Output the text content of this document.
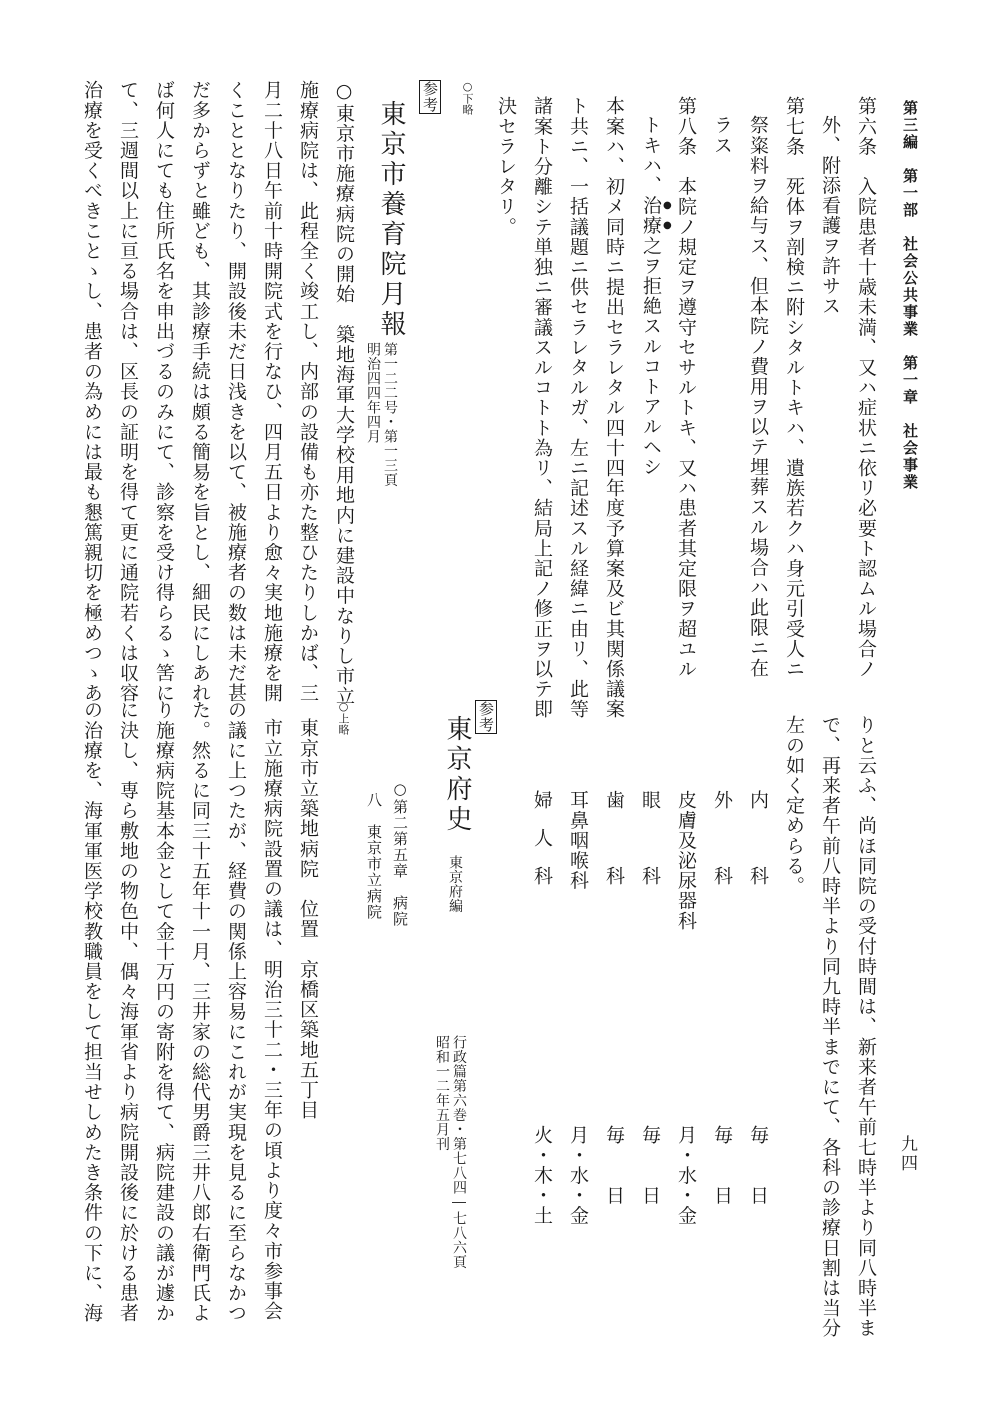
第三編　第一部　社会公共事業　第一章　社会事業
九四
第六条　入院患者十歳未満、又ハ症状ニ依リ必要ト認ムル場合ノ
外、附添看護ヲ許サス
第七条　死体ヲ剖検ニ附シタルトキハ、遺族若クハ身元引受人ニ
祭粢料ヲ給与ス、但本院ノ費用ヲ以テ埋葬スル場合ハ此限ニ在
ラス
第八条　本院ノ規定ヲ遵守セサルトキ、又ハ患者其定限ヲ超ユル
トキハ、治療之ヲ拒絶スルコトアルヘシ
本案ハ、初メ同時ニ提出セラレタル四十四年度予算案及ビ其関係議案
ト共ニ、一括議題ニ供セラレタルガ、左ニ記述スル経緯ニ由リ、此等
諸案ト分離シテ単独ニ審議スルコトト為リ、結局上記ノ修正ヲ以テ即
決セラレタリ。
○下略
参考
東京市養育院月報
第一二二号・第一三頁
明治四四年四月
○東京市施療病院の開始　築地海軍大学校用地内に建設中なりし市立
施療病院は、此程全く竣工し、内部の設備も亦た整ひたりしかば、三
月二十八日午前十時開院式を行なひ、四月五日より愈々実地施療を開
くこととなりたり、開設後未だ日浅きを以て、被施療者の数は未だ甚
だ多からずと雖ども、其診療手続は頗る簡易を旨とし、細民にしあれ
ば何人にても住所氏名を申出づるのみにて、診察を受け得らるゝ筈に
て、三週間以上に亘る場合は、区長の証明を得て更に通院若くは収容
治療を受くべきことゝし、患者の為めには最も懇篤親切を極めつゝあ
りと云ふ、尚ほ同院の受付時間は、新来者午前七時半より同八時半ま
で、再来者午前八時半より同九時半までにて、各科の診療日割は当分
左の如く定めらる。
内　　　科
毎　　日
外　　　科
毎　　日
皮膚及泌尿器科
月・水・金
眼　　　科
毎　　日
歯　　　科
毎　　日
耳鼻咽喉科
月・水・金
婦　人　科
火・木・土
参考
東京府史
東京府編
行政篇第六巻・第七八四―七八六頁
昭和一二年五月刊
○第二第五章　病院
八　東京市立病院
○上略
東京市立築地病院　位置　京橋区築地五丁目
市立施療病院設置の議は、明治三十二・三年の頃より度々市参事会
の議に上つたが、経費の関係上容易にこれが実現を見るに至らなかつ
た。然るに同三十五年十一月、三井家の総代男爵三井八郎右衛門氏よ
り施療病院基本金として金十万円の寄附を得て、病院建設の議が遽か
に決し、専ら敷地の物色中、偶々海軍省より病院開設後に於ける患者
の治療を、海軍軍医学校教職員をして担当せしめたき条件の下に、海
